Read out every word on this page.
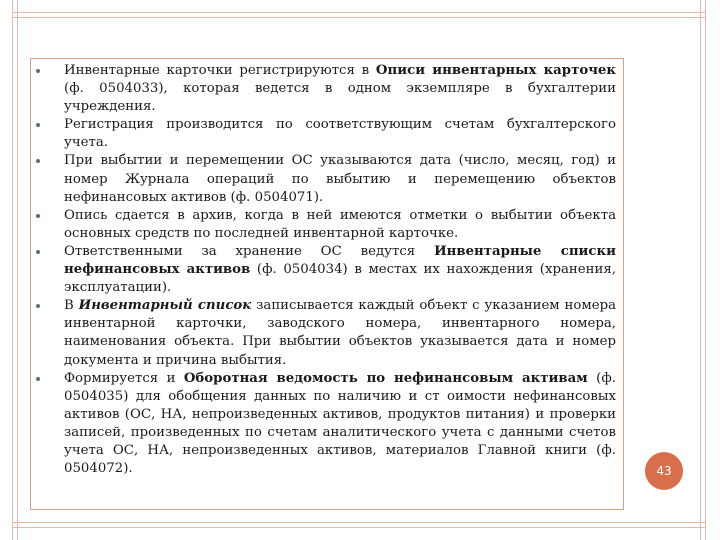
Инвентарные карточки регистрируются в Описи инвентарных карточек (ф. 0504033), которая ведется в одном экземпляре в бухгалтерии учреждения.
Регистрация производится по соответствующим счетам бухгалтерского учета.
При выбытии и перемещении ОС указываются дата (число, месяц, год) и номер Журнала операций по выбытию и перемещению объектов нефинансовых активов (ф. 0504071).
Опись сдается в архив, когда в ней имеются отметки о выбытии объекта основных средств по последней инвентарной карточке.
Ответственными за хранение ОС ведутся Инвентарные списки нефинансовых активов (ф. 0504034) в местах их нахождения (хранения, эксплуатации).
В Инвентарный список записывается каждый объект с указанием номера инвентарной карточки, заводского номера, инвентарного номера, наименования объекта. При выбытии объектов указывается дата и номер документа и причина выбытия.
Формируется и Оборотная ведомость по нефинансовым активам (ф. 0504035) для обобщения данных по наличию и ст оимости нефинансовых активов (ОС, НА, непроизведенных активов, продуктов питания) и проверки записей, произведенных по счетам аналитического учета с данными счетов учета ОС, НА, непроизведенных активов, материалов Главной книги (ф. 0504072).	43
